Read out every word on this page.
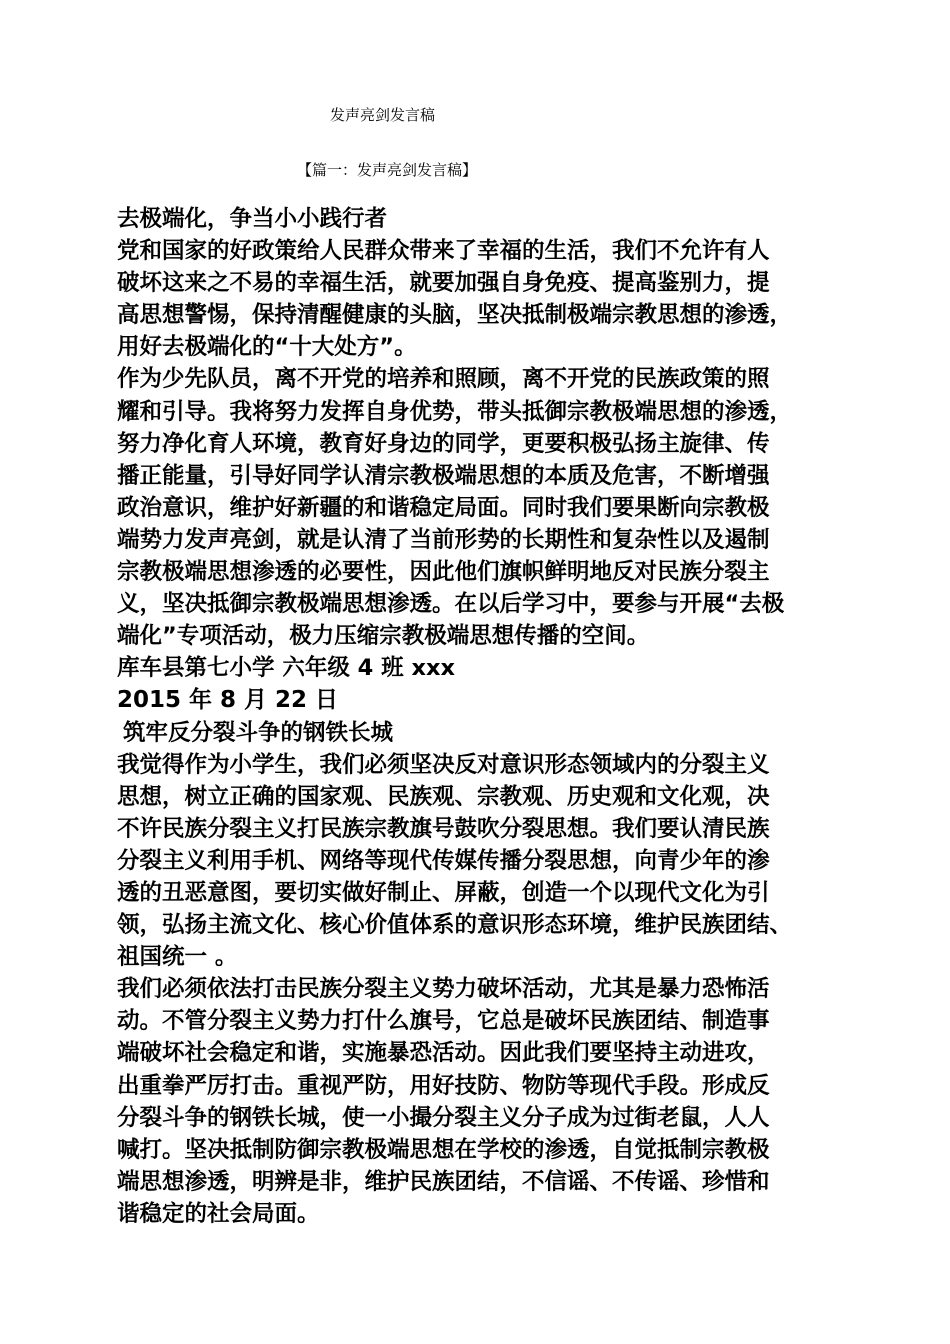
发声亮剑发言稿
【篇一：发声亮剑发言稿】
去极端化，争当小小践行者
党和国家的好政策给人民群众带来了幸福的生活，我们不允许有人
破坏这来之不易的幸福生活，就要加强自身免疫、提高鉴别力，提
高思想警惕，保持清醒健康的头脑，坚决抵制极端宗教思想的渗透，
用好去极端化的“十大处方”。
作为少先队员，离不开党的培养和照顾，离不开党的民族政策的照
耀和引导。我将努力发挥自身优势，带头抵御宗教极端思想的渗透，
努力净化育人环境，教育好身边的同学，更要积极弘扬主旋律、传
播正能量，引导好同学认清宗教极端思想的本质及危害，不断增强
政治意识，维护好新疆的和谐稳定局面。同时我们要果断向宗教极
端势力发声亮剑，就是认清了当前形势的长期性和复杂性以及遏制
宗教极端思想渗透的必要性，因此他们旗帜鲜明地反对民族分裂主
义，坚决抵御宗教极端思想渗透。在以后学习中，要参与开展“去极
端化”专项活动，极力压缩宗教极端思想传播的空间。
库车县第七小学 六年级 4 班 xxx
2015 年 8 月 22 日
筑牢反分裂斗争的钢铁长城
我觉得作为小学生，我们必须坚决反对意识形态领域内的分裂主义
思想，树立正确的国家观、民族观、宗教观、历史观和文化观，决
不许民族分裂主义打民族宗教旗号鼓吹分裂思想。我们要认清民族
分裂主义利用手机、网络等现代传媒传播分裂思想，向青少年的渗
透的丑恶意图，要切实做好制止、屏蔽，创造一个以现代文化为引
领，弘扬主流文化、核心价值体系的意识形态环境，维护民族团结、
祖国统一 。
我们必须依法打击民族分裂主义势力破坏活动，尤其是暴力恐怖活
动。不管分裂主义势力打什么旗号，它总是破坏民族团结、制造事
端破坏社会稳定和谐，实施暴恐活动。因此我们要坚持主动进攻，
出重拳严厉打击。重视严防，用好技防、物防等现代手段。形成反
分裂斗争的钢铁长城，使一小撮分裂主义分子成为过街老鼠，人人
喊打。坚决抵制防御宗教极端思想在学校的渗透，自觉抵制宗教极
端思想渗透，明辨是非，维护民族团结，不信谣、不传谣、珍惜和
谐稳定的社会局面。
